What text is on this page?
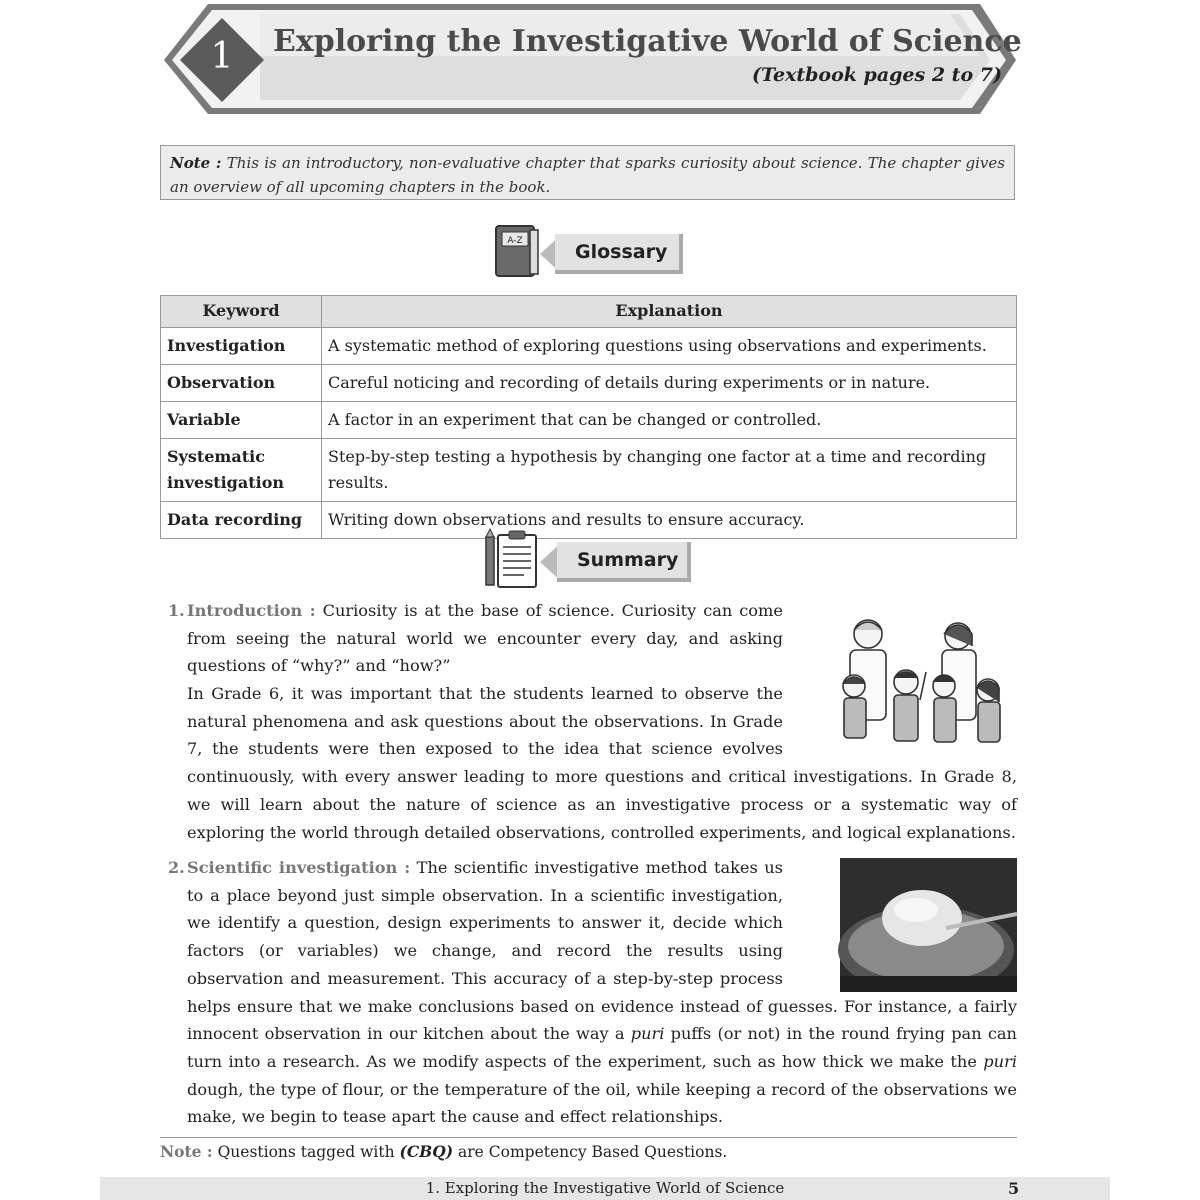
1	Exploring the Investigative World of Science
(Textbook pages 2 to 7)
Note : This is an introductory, non-evaluative chapter that sparks curiosity about science. The chapter gives an overview of all upcoming chapters in the book.
A-Z	Glossary
Keyword	Explanation
Investigation	A systematic method of exploring questions using observations and experiments.
Observation	Careful noticing and recording of details during experiments or in nature.
Variable	A factor in an experiment that can be changed or controlled.
Systematic investigation	Step-by-step testing a hypothesis by changing one factor at a time and recording results.
Data recording	Writing down observations and results to ensure accuracy.
Summary
1. Introduction : Curiosity is at the base of science. Curiosity can come from seeing the natural world we encounter every day, and asking questions of “why?” and “how?”
In Grade 6, it was important that the students learned to observe the natural phenomena and ask questions about the observations. In Grade 7, the students were then exposed to the idea that science evolves continuously, with every answer leading to more questions and critical investigations. In Grade 8, we will learn about the nature of science as an investigative process or a systematic way of exploring the world through detailed observations, controlled experiments, and logical explanations.
2. Scientific investigation : The scientific investigative method takes us to a place beyond just simple observation. In a scientific investigation, we identify a question, design experiments to answer it, decide which factors (or variables) we change, and record the results using observation and measurement. This accuracy of a step-by-step process helps ensure that we make conclusions based on evidence instead of guesses. For instance, a fairly innocent observation in our kitchen about the way a puri puffs (or not) in the round frying pan can turn into a research. As we modify aspects of the experiment, such as how thick we make the puri dough, the type of flour, or the temperature of the oil, while keeping a record of the observations we make, we begin to tease apart the cause and effect relationships.
Note : Questions tagged with (CBQ) are Competency Based Questions.
1. Exploring the Investigative World of Science	5
